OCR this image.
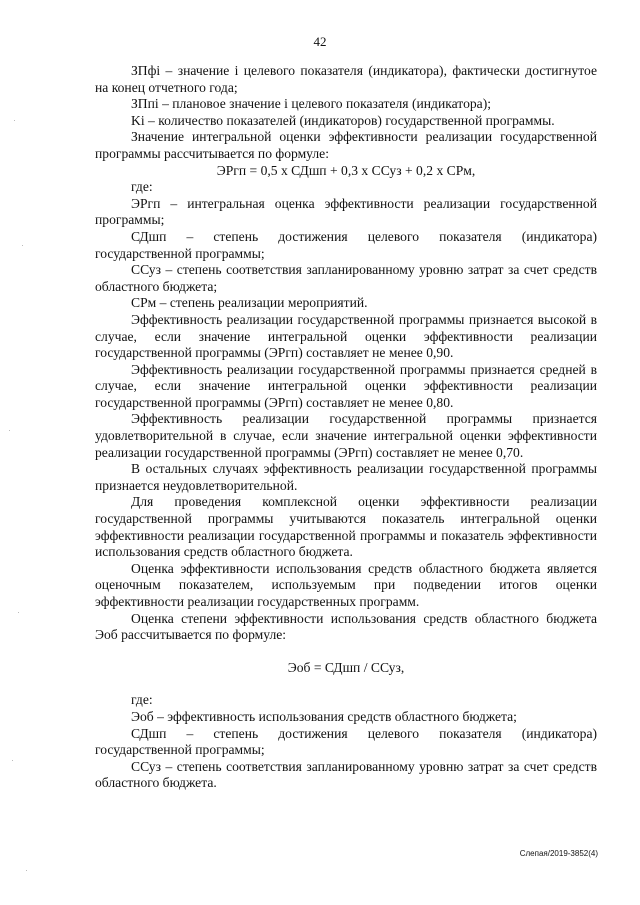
42

ЗПфi – значение i целевого показателя (индикатора), фактически достигнутое на конец отчетного года;

ЗПпi – плановое значение i целевого показателя (индикатора);

Ki – количество показателей (индикаторов) государственной программы.

Значение интегральной оценки эффективности реализации государственной программы рассчитывается по формуле:

ЭРгп = 0,5 х СДшп + 0,3 х ССуз + 0,2 х СРм,

где:

ЭРгп – интегральная оценка эффективности реализации государственной программы;

СДшп – степень достижения целевого показателя (индикатора) государственной программы;

ССуз – степень соответствия запланированному уровню затрат за счет средств областного бюджета;

СРм – степень реализации мероприятий.

Эффективность реализации государственной программы признается высокой в случае, если значение интегральной оценки эффективности реализации государственной программы (ЭРгп) составляет не менее 0,90.

Эффективность реализации государственной программы признается средней в случае, если значение интегральной оценки эффективности реализации государственной программы (ЭРгп) составляет не менее 0,80.

Эффективность реализации государственной программы признается удовлетворительной в случае, если значение интегральной оценки эффективности реализации государственной программы (ЭРгп) составляет не менее 0,70.

В остальных случаях эффективность реализации государственной программы признается неудовлетворительной.

Для проведения комплексной оценки эффективности реализации государственной программы учитываются показатель интегральной оценки эффективности реализации государственной программы и показатель эффективности использования средств областного бюджета.

Оценка эффективности использования средств областного бюджета является оценочным показателем, используемым при подведении итогов оценки эффективности реализации государственных программ.

Оценка степени эффективности использования средств областного бюджета Эоб рассчитывается по формуле:

Эоб = СДшп / ССуз,

где:

Эоб – эффективность использования средств областного бюджета;

СДшп – степень достижения целевого показателя (индикатора) государственной программы;

ССуз – степень соответствия запланированному уровню затрат за счет средств областного бюджета.

Слепая/2019-3852(4)
